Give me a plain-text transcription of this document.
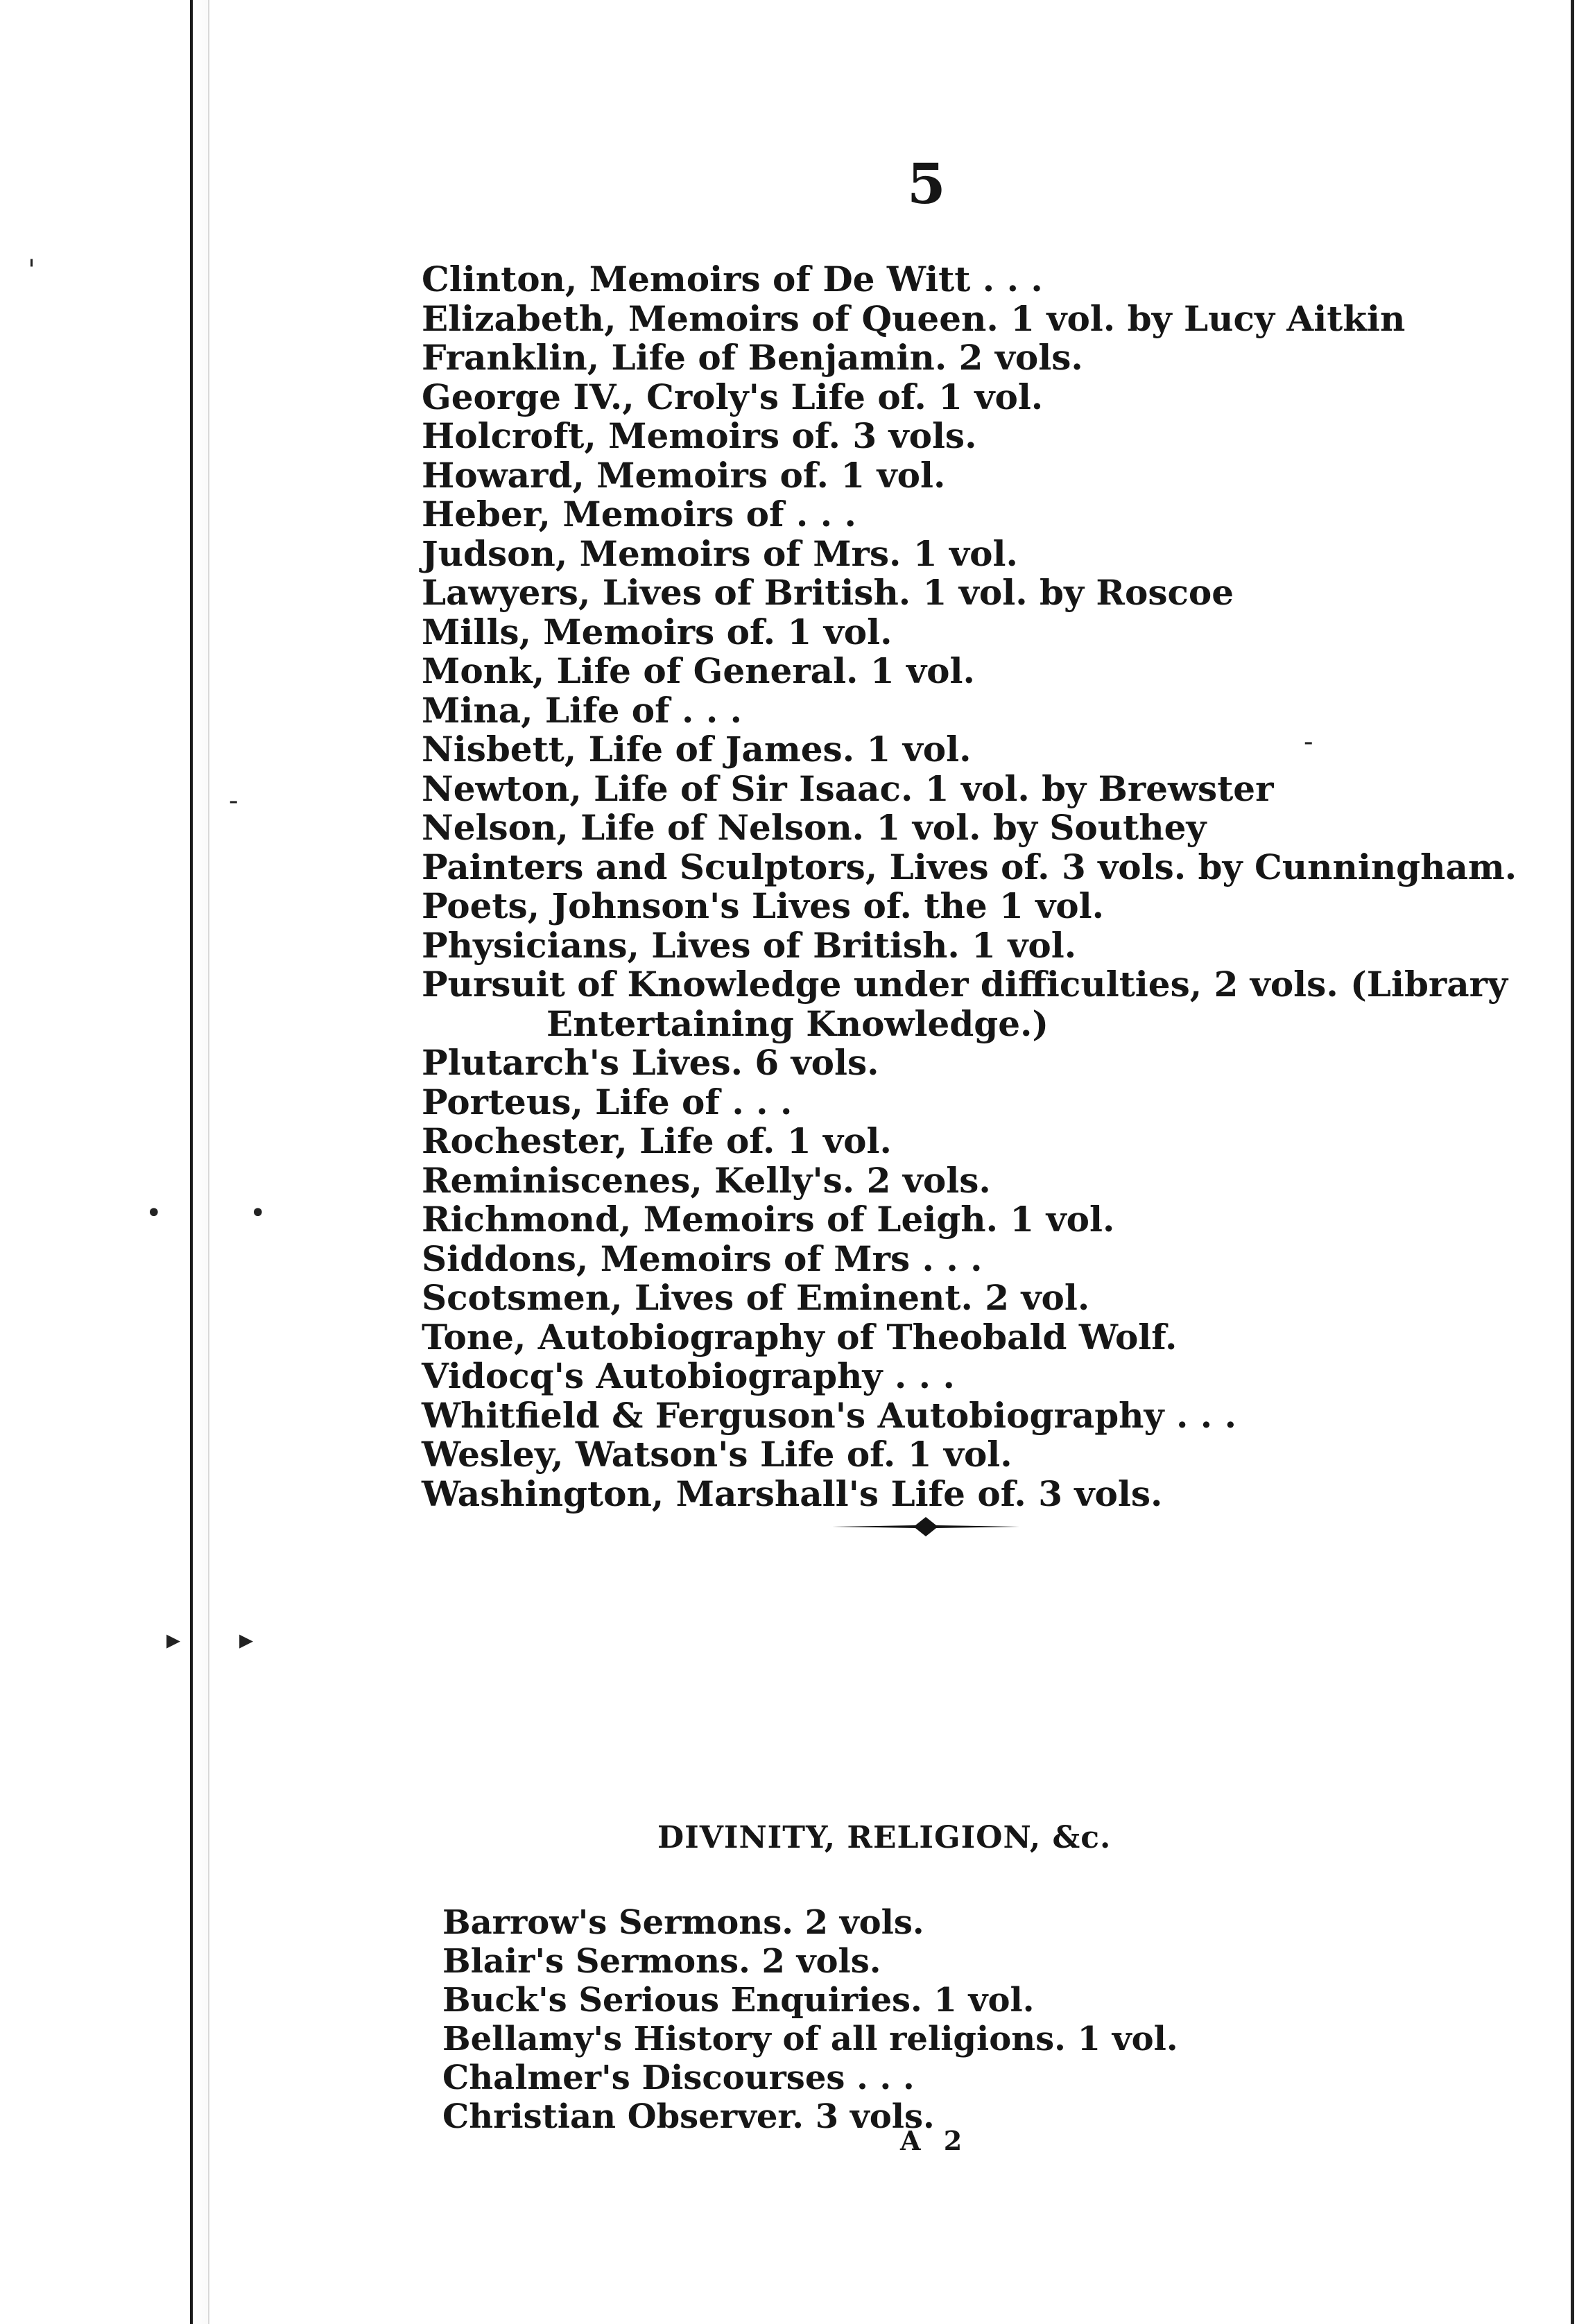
'
-
•	•
▸ ▸
-
5
Clinton, Memoirs of De Witt . . .
Elizabeth, Memoirs of Queen. 1 vol. by Lucy Aitkin
Franklin, Life of Benjamin. 2 vols.
George IV., Croly's Life of. 1 vol.
Holcroft, Memoirs of. 3 vols.
Howard, Memoirs of. 1 vol.
Heber, Memoirs of . . .
Judson, Memoirs of Mrs. 1 vol.
Lawyers, Lives of British. 1 vol. by Roscoe
Mills, Memoirs of. 1 vol.
Monk, Life of General. 1 vol.
Mina, Life of . . .
Nisbett, Life of James. 1 vol.
Newton, Life of Sir Isaac. 1 vol. by Brewster
Nelson, Life of Nelson. 1 vol. by Southey
Painters and Sculptors, Lives of. 3 vols. by Cunningham.
Poets, Johnson's Lives of. the 1 vol.
Physicians, Lives of British. 1 vol.
Pursuit of Knowledge under difficulties, 2 vols. (Library
Entertaining Knowledge.)
Plutarch's Lives. 6 vols.
Porteus, Life of . . .
Rochester, Life of. 1 vol.
Reminiscenes, Kelly's. 2 vols.
Richmond, Memoirs of Leigh. 1 vol.
Siddons, Memoirs of Mrs . . .
Scotsmen, Lives of Eminent. 2 vol.
Tone, Autobiography of Theobald Wolf.
Vidocq's Autobiography . . .
Whitfield & Ferguson's Autobiography . . .
Wesley, Watson's Life of. 1 vol.
Washington, Marshall's Life of. 3 vols.
DIVINITY, RELIGION, &c.
Barrow's Sermons. 2 vols.
Blair's Sermons. 2 vols.
Buck's Serious Enquiries. 1 vol.
Bellamy's History of all religions. 1 vol.
Chalmer's Discourses . . .
Christian Observer. 3 vols.
A 2
